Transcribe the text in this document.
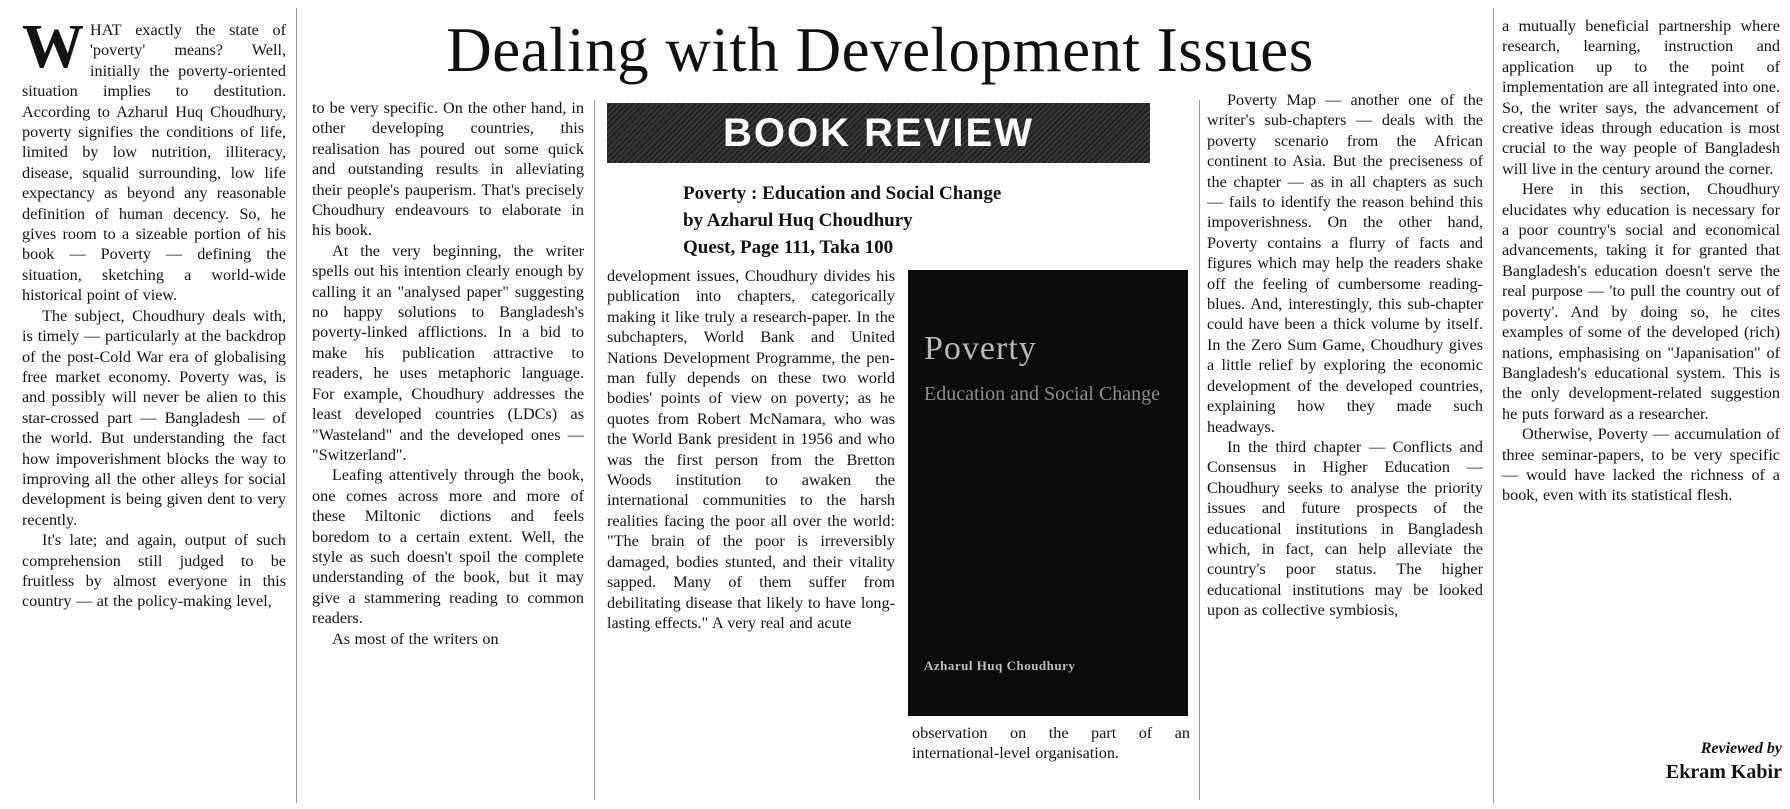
W HAT exactly the state of 'poverty' means? Well, initially the poverty-oriented situation implies to destitution. According to Azharul Huq Choudhury, poverty signifies the conditions of life, limited by low nutrition, illiteracy, disease, squalid surrounding, low life expectancy as beyond any reasonable definition of human decency. So, he gives room to a sizeable portion of his book — Poverty — defining the situation, sketching a world-wide historical point of view.

The subject, Choudhury deals with, is timely — particularly at the backdrop of the post-Cold War era of globalising free market economy. Poverty was, is and possibly will never be alien to this star-crossed part — Bangladesh — of the world. But understanding the fact how impoverishment blocks the way to improving all the other alleys for social development is being given dent to very recently.

It's late; and again, output of such comprehension still judged to be fruitless by almost everyone in this country — at the policy-making level,

Dealing with Development Issues

to be very specific. On the other hand, in other developing countries, this realisation has poured out some quick and outstanding results in alleviating their people's pauperism. That's precisely Choudhury endeavours to elaborate in his book.

At the very beginning, the writer spells out his intention clearly enough by calling it an "analysed paper" suggesting no happy solutions to Bangladesh's poverty-linked afflictions. In a bid to make his publication attractive to readers, he uses metaphoric language. For example, Choudhury addresses the least developed countries (LDCs) as "Wasteland" and the developed ones — "Switzerland".

Leafing attentively through the book, one comes across more and more of these Miltonic dictions and feels boredom to a certain extent. Well, the style as such doesn't spoil the complete understanding of the book, but it may give a stammering reading to common readers.

As most of the writers on

BOOK REVIEW
Poverty : Education and Social Change
by Azharul Huq Choudhury
Quest, Page 111, Taka 100

development issues, Choudhury divides his publication into chapters, categorically making it like truly a research-paper. In the subchapters, World Bank and United Nations Development Programme, the pen-man fully depends on these two world bodies' points of view on poverty; as he quotes from Robert McNamara, who was the World Bank president in 1956 and who was the first person from the Bretton Woods institution to awaken the international communities to the harsh realities facing the poor all over the world: "The brain of the poor is irreversibly damaged, bodies stunted, and their vitality sapped. Many of them suffer from debilitating disease that likely to have long-lasting effects." A very real and acute

Poverty
Education and Social Change
Azharul Huq Choudhury

observation on the part of an international-level organisation.

Poverty Map — another one of the writer's sub-chapters — deals with the poverty scenario from the African continent to Asia. But the preciseness of the chapter — as in all chapters as such — fails to identify the reason behind this impoverishness. On the other hand, Poverty contains a flurry of facts and figures which may help the readers shake off the feeling of cumbersome reading-blues. And, interestingly, this sub-chapter could have been a thick volume by itself. In the Zero Sum Game, Choudhury gives a little relief by exploring the economic development of the developed countries, explaining how they made such headways.

In the third chapter — Conflicts and Consensus in Higher Education — Choudhury seeks to analyse the priority issues and future prospects of the educational institutions in Bangladesh which, in fact, can help alleviate the country's poor status. The higher educational institutions may be looked upon as collective symbiosis,

a mutually beneficial partnership where research, learning, instruction and application up to the point of implementation are all integrated into one. So, the writer says, the advancement of creative ideas through education is most crucial to the way people of Bangladesh will live in the century around the corner.

Here in this section, Choudhury elucidates why education is necessary for a poor country's social and economical advancements, taking it for granted that Bangladesh's education doesn't serve the real purpose — 'to pull the country out of poverty'. And by doing so, he cites examples of some of the developed (rich) nations, emphasising on "Japanisation" of Bangladesh's educational system. This is the only development-related suggestion he puts forward as a researcher.

Otherwise, Poverty — accumulation of three seminar-papers, to be very specific — would have lacked the richness of a book, even with its statistical flesh.

Reviewed by
Ekram Kabir
